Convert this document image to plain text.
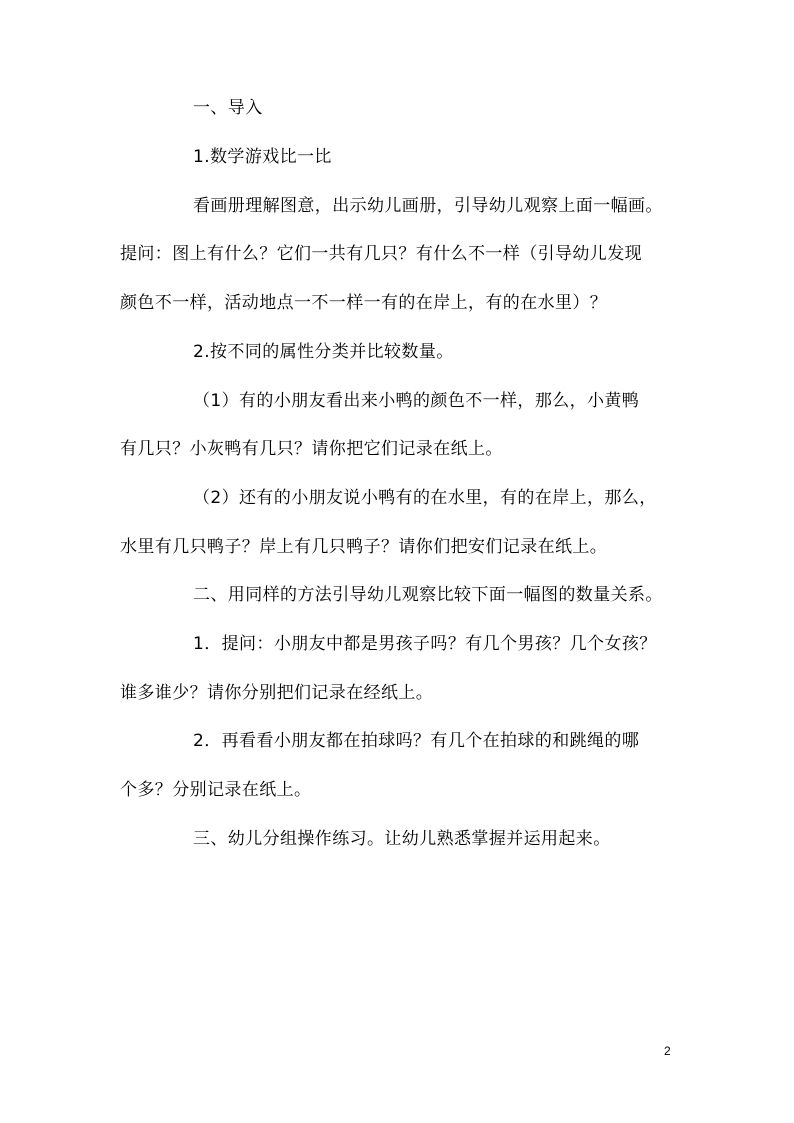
一、导入
1.数学游戏比一比
看画册理解图意，出示幼儿画册，引导幼儿观察上面一幅画。
提问：图上有什么？它们一共有几只？有什么不一样（引导幼儿发现
颜色不一样，活动地点一不一样一有的在岸上，有的在水里）？
2.按不同的属性分类并比较数量。
（1）有的小朋友看出来小鸭的颜色不一样，那么，小黄鸭
有几只？小灰鸭有几只？请你把它们记录在纸上。
（2）还有的小朋友说小鸭有的在水里，有的在岸上，那么，
水里有几只鸭子？岸上有几只鸭子？请你们把安们记录在纸上。
二、用同样的方法引导幼儿观察比较下面一幅图的数量关系。
1．提问：小朋友中都是男孩子吗？有几个男孩？几个女孩？
谁多谁少？请你分别把们记录在经纸上。
2．再看看小朋友都在拍球吗？有几个在拍球的和跳绳的哪
个多？分别记录在纸上。
三、幼儿分组操作练习。让幼儿熟悉掌握并运用起来。
2
